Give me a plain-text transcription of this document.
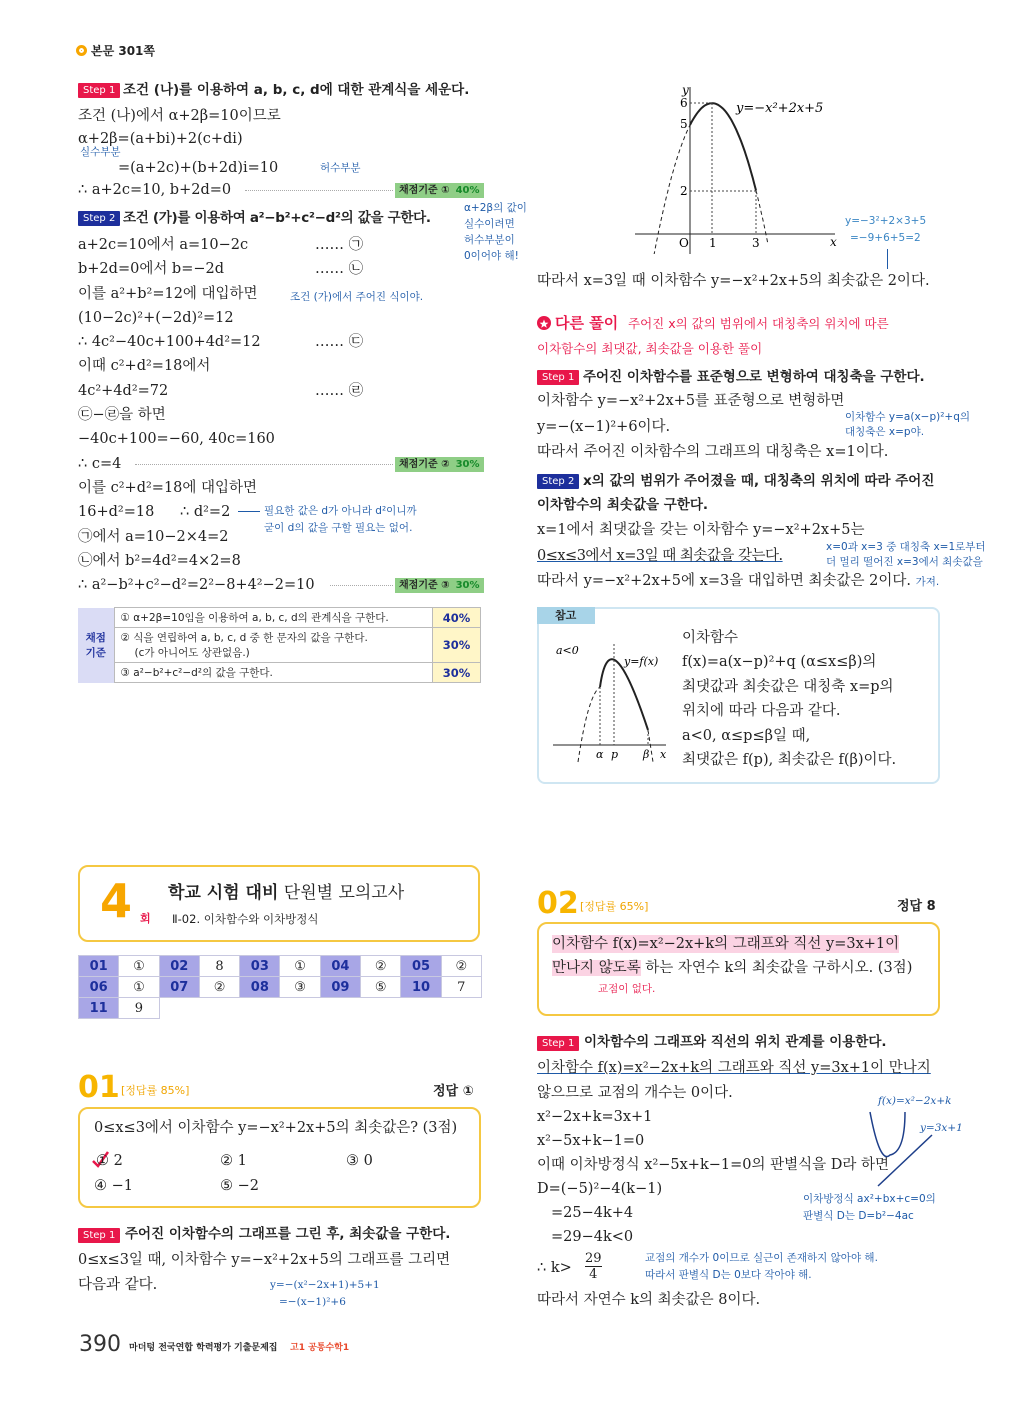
본문 301쪽
Step 1 조건 (나)를 이용하여 a, b, c, d에 대한 관계식을 세운다.
조건 (나)에서 α+2β=10이므로
α+2β=(a+bi)+2(c+di)
실수부분
=(a+2c)+(b+2d)i=10	허수부분
∴ a+2c=10, b+2d=0	채점기준 ① 40%
α+2β의 값이
실수이려면
허수부분이
0이어야 해!
Step 2 조건 (가)를 이용하여 a²−b²+c²−d²의 값을 구한다.
a+2c=10에서 a=10−2c	…… ㉠
b+2d=0에서 b=−2d	…… ㉡
이를 a²+b²=12에 대입하면	조건 (가)에서 주어진 식이야.
(10−2c)²+(−2d)²=12
∴ 4c²−40c+100+4d²=12	…… ㉢
이때 c²+d²=18에서
4c²+4d²=72	…… ㉣
㉢−㉣을 하면
−40c+100=−60, 40c=160
∴ c=4	채점기준 ② 30%
이를 c²+d²=18에 대입하면
16+d²=18 ∴ d²=2	필요한 값은 d가 아니라 d²이니까
굳이 d의 값을 구할 필요는 없어.
㉠에서 a=10−2×4=2
㉡에서 b²=4d²=4×2=8
∴ a²−b²+c²−d²=2²−8+4²−2=10	채점기준 ③ 30%
채점 기준	① α+2β=10임을 이용하여 a, b, c, d의 관계식을 구한다.	40%

	② 식을 연립하여 a, b, c, d 중 한 문자의 값을 구한다.
(c가 아니어도 상관없음.)	30%
	③ a²−b²+c²−d²의 값을 구한다.	30%
6
5
2
O 1	3	x
y
y=−x²+2x+5
y=−3²+2×3+5
=−9+6+5=2
따라서 x=3일 때 이차함수 y=−x²+2x+5의 최솟값은 2이다.
다른 풀이 주어진 x의 값의 범위에서 대칭축의 위치에 따른
이차함수의 최댓값, 최솟값을 이용한 풀이
Step 1 주어진 이차함수를 표준형으로 변형하여 대칭축을 구한다.
이차함수 y=−x²+2x+5를 표준형으로 변형하면
y=−(x−1)²+6이다.
이차함수 y=a(x−p)²+q의
대칭축은 x=p야.
따라서 주어진 이차함수의 그래프의 대칭축은 x=1이다.
Step 2 x의 값의 범위가 주어졌을 때, 대칭축의 위치에 따라 주어진
이차함수의 최솟값을 구한다.
x=1에서 최댓값을 갖는 이차함수 y=−x²+2x+5는
0≤x≤3에서 x=3일 때 최솟값을 갖는다.
x=0과 x=3 중 대칭축 x=1로부터
더 멀리 떨어진 x=3에서 최솟값을
따라서 y=−x²+2x+5에 x=3을 대입하면 최솟값은 2이다. 가져.
참고
a<0
y=f(x)
α p β x
이차함수
f(x)=a(x−p)²+q (α≤x≤β)의
최댓값과 최솟값은 대칭축 x=p의
위치에 따라 다음과 같다.
a<0, α≤p≤β일 때,
최댓값은 f(p), 최솟값은 f(β)이다.
4 회
학교 시험 대비 단원별 모의고사
Ⅱ-02. 이차함수와 이차방정식
01	①	02	8	03	①	04	②	05	②
06	①	07	②	08	③	09	⑤	10	7
11	9								
01 [정답률 85%]	정답 ①
0≤x≤3에서 이차함수 y=−x²+2x+5의 최솟값은? (3점)
① 2	② 1	③ 0
④ −1	⑤ −2
Step 1 주어진 이차함수의 그래프를 그린 후, 최솟값을 구한다.
0≤x≤3일 때, 이차함수 y=−x²+2x+5의 그래프를 그리면
다음과 같다.	y=−(x²−2x+1)+5+1
=−(x−1)²+6
390 마더텅 전국연합 학력평가 기출문제집 고1 공통수학1
02 [정답률 65%]	정답 8
이차함수 f(x)=x²−2x+k의 그래프와 직선 y=3x+1이
만나지 않도록 하는 자연수 k의 최솟값을 구하시오. (3점)
교점이 없다.
Step 1 이차함수의 그래프와 직선의 위치 관계를 이용한다.
이차함수 f(x)=x²−2x+k의 그래프와 직선 y=3x+1이 만나지
않으므로 교점의 개수는 0이다.
x²−2x+k=3x+1
x²−5x+k−1=0
이때 이차방정식 x²−5x+k−1=0의 판별식을 D라 하면
D=(−5)²−4(k−1)
=25−4k+4
=29−4k<0
∴ $k> \frac{29}{4}$
따라서 자연수 k의 최솟값은 8이다.
f(x)=x²−2x+k
y=3x+1
이차방정식 ax²+bx+c=0의
판별식 D는 D=b²−4ac
교점의 개수가 0이므로 실근이 존재하지 않아야 해.
따라서 판별식 D는 0보다 작아야 해.
